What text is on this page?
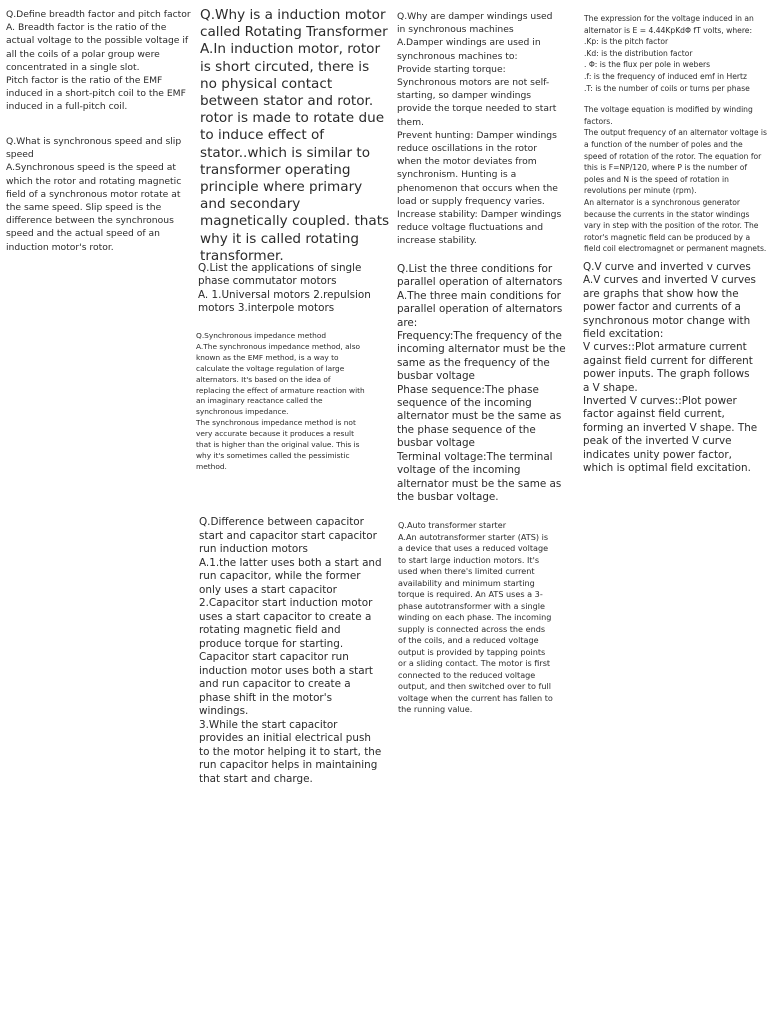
Q.Define breadth factor and pitch factor

A. Breadth factor is the ratio of the actual voltage to the possible voltage if all the coils of a polar group were concentrated in a single slot.

Pitch factor is the ratio of the EMF induced in a short-pitch coil to the EMF induced in a full-pitch coil.

Q.What is synchronous speed and slip speed

A.Synchronous speed is the speed at which the rotor and rotating magnetic field of a synchronous motor rotate at the same speed. Slip speed is the difference between the synchronous speed and the actual speed of an induction motor's rotor.

Q.Why is a induction motor called Rotating Transformer A.In induction motor, rotor is short circuted, there is no physical contact between stator and rotor. rotor is made to rotate due to induce effect of stator..which is similar to transformer operating principle where primary and secondary magnetically coupled. thats why it is called rotating transformer.

Q.List the applications of single phase commutator motors

A. 1.Universal motors 2.repulsion motors 3.interpole motors

Q.Synchronous impedance method

A.The synchronous impedance method, also known as the EMF method, is a way to calculate the voltage regulation of large alternators. It's based on the idea of replacing the effect of armature reaction with an imaginary reactance called the synchronous impedance.

The synchronous impedance method is not very accurate because it produces a result that is higher than the original value. This is why it's sometimes called the pessimistic method.

Q.Difference between capacitor start and capacitor start capacitor run induction motors

A.1.the latter uses both a start and run capacitor, while the former only uses a start capacitor

2.Capacitor start induction motor uses a start capacitor to create a rotating magnetic field and produce torque for starting.

Capacitor start capacitor run induction motor uses both a start and run capacitor to create a phase shift in the motor's windings.

3.While the start capacitor provides an initial electrical push to the motor helping it to start, the run capacitor helps in maintaining that start and charge.

Q.Why are damper windings used in synchronous machines

A.Damper windings are used in synchronous machines to:

Provide starting torque: Synchronous motors are not self-starting, so damper windings provide the torque needed to start them.

Prevent hunting: Damper windings reduce oscillations in the rotor when the motor deviates from synchronism. Hunting is a phenomenon that occurs when the load or supply frequency varies.

Increase stability: Damper windings reduce voltage fluctuations and increase stability.

Q.List the three conditions for parallel operation of alternators

A.The three main conditions for parallel operation of alternators are:

Frequency:The frequency of the incoming alternator must be the same as the frequency of the busbar voltage

Phase sequence:The phase sequence of the incoming alternator must be the same as the phase sequence of the busbar voltage

Terminal voltage:The terminal voltage of the incoming alternator must be the same as the busbar voltage.

Q.Auto transformer starter

A.An autotransformer starter (ATS) is a device that uses a reduced voltage to start large induction motors. It's used when there's limited current availability and minimum starting torque is required. An ATS uses a 3-phase autotransformer with a single winding on each phase. The incoming supply is connected across the ends of the coils, and a reduced voltage output is provided by tapping points or a sliding contact. The motor is first connected to the reduced voltage output, and then switched over to full voltage when the current has fallen to the running value.

The expression for the voltage induced in an alternator is E = 4.44KpKdΦ fT volts, where:

.Kp: is the pitch factor

.Kd: is the distribution factor

. Φ: is the flux per pole in webers

.f: is the frequency of induced emf in Hertz

.T: is the number of coils or turns per phase

The voltage equation is modified by winding factors.

The output frequency of an alternator voltage is a function of the number of poles and the speed of rotation of the rotor. The equation for this is F=NP/120, where P is the number of poles and N is the speed of rotation in revolutions per minute (rpm).

An alternator is a synchronous generator because the currents in the stator windings vary in step with the position of the rotor. The rotor's magnetic field can be produced by a field coil electromagnet or permanent magnets.

Q.V curve and inverted v curves

A.V curves and inverted V curves are graphs that show how the power factor and currents of a synchronous motor change with field excitation:

V curves::Plot armature current against field current for different power inputs. The graph follows a V shape.

Inverted V curves::Plot power factor against field current, forming an inverted V shape. The peak of the inverted V curve indicates unity power factor, which is optimal field excitation.
